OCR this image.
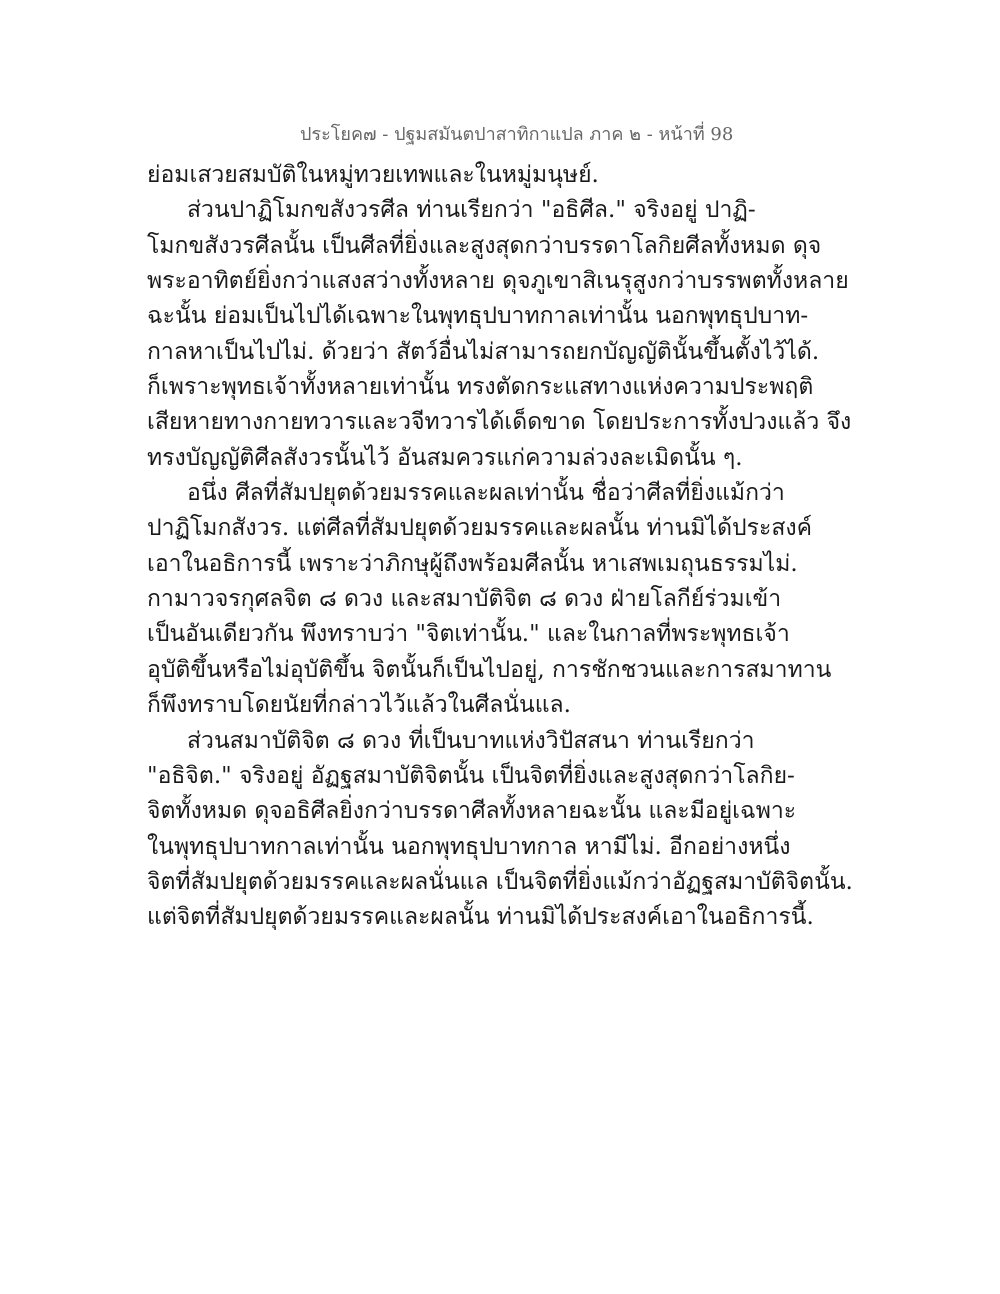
ประโยค๗ - ปฐมสมันตปาสาทิกาแปล ภาค ๒ - หน้าที่ 98
ย่อมเสวยสมบัติในหมู่ทวยเทพและในหมู่มนุษย์.
ส่วนปาฏิโมกขสังวรศีล ท่านเรียกว่า "อธิศีล." จริงอยู่ ปาฏิ-
โมกขสังวรศีลนั้น เป็นศีลที่ยิ่งและสูงสุดกว่าบรรดาโลกิยศีลทั้งหมด ดุจ
พระอาทิตย์ยิ่งกว่าแสงสว่างทั้งหลาย ดุจภูเขาสิเนรุสูงกว่าบรรพตทั้งหลาย
ฉะนั้น ย่อมเป็นไปได้เฉพาะในพุทธุปบาทกาลเท่านั้น นอกพุทธุปบาท-
กาลหาเป็นไปไม่. ด้วยว่า สัตว์อื่นไม่สามารถยกบัญญัตินั้นขึ้นตั้งไว้ได้.
ก็เพราะพุทธเจ้าทั้งหลายเท่านั้น ทรงตัดกระแสทางแห่งความประพฤติ
เสียหายทางกายทวารและวจีทวารได้เด็ดขาด โดยประการทั้งปวงแล้ว จึง
ทรงบัญญัติศีลสังวรนั้นไว้ อันสมควรแก่ความล่วงละเมิดนั้น ๆ.
อนึ่ง ศีลที่สัมปยุตด้วยมรรคและผลเท่านั้น ชื่อว่าศีลที่ยิ่งแม้กว่า
ปาฏิโมกสังวร. แต่ศีลที่สัมปยุตด้วยมรรคและผลนั้น ท่านมิได้ประสงค์
เอาในอธิการนี้ เพราะว่าภิกษุผู้ถึงพร้อมศีลนั้น หาเสพเมถุนธรรมไม่.
กามาวจรกุศลจิต ๘ ดวง และสมาบัติจิต ๘ ดวง ฝ่ายโลกีย์ร่วมเข้า
เป็นอันเดียวกัน พึงทราบว่า "จิตเท่านั้น." และในกาลที่พระพุทธเจ้า
อุบัติขึ้นหรือไม่อุบัติขึ้น จิตนั้นก็เป็นไปอยู่, การชักชวนและการสมาทาน
ก็พึงทราบโดยนัยที่กล่าวไว้แล้วในศีลนั่นแล.
ส่วนสมาบัติจิต ๘ ดวง ที่เป็นบาทแห่งวิปัสสนา ท่านเรียกว่า
"อธิจิต." จริงอยู่ อัฏฐสมาบัติจิตนั้น เป็นจิตที่ยิ่งและสูงสุดกว่าโลกิย-
จิตทั้งหมด ดุจอธิศีลยิ่งกว่าบรรดาศีลทั้งหลายฉะนั้น และมีอยู่เฉพาะ
ในพุทธุปบาทกาลเท่านั้น นอกพุทธุปบาทกาล หามีไม่. อีกอย่างหนึ่ง
จิตที่สัมปยุตด้วยมรรคและผลนั่นแล เป็นจิตที่ยิ่งแม้กว่าอัฏฐสมาบัติจิตนั้น.
แต่จิตที่สัมปยุตด้วยมรรคและผลนั้น ท่านมิได้ประสงค์เอาในอธิการนี้.
